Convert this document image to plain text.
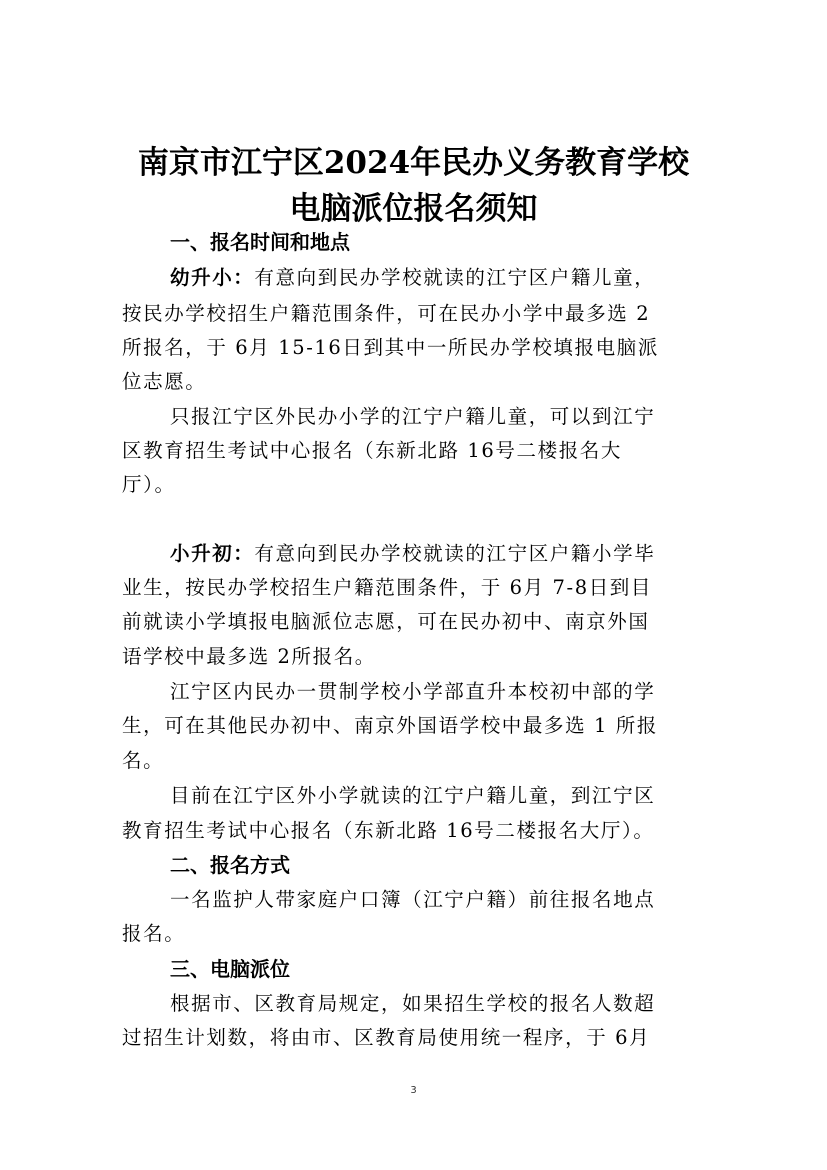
南京市江宁区2024年民办义务教育学校
电脑派位报名须知
一、报名时间和地点

幼升小：有意向到民办学校就读的江宁区户籍儿童，

按民办学校招生户籍范围条件，可在民办小学中最多选 2

所报名，于 6月 15-16日到其中一所民办学校填报电脑派

位志愿。

只报江宁区外民办小学的江宁户籍儿童，可以到江宁

区教育招生考试中心报名（东新北路 16号二楼报名大

厅）。

小升初：有意向到民办学校就读的江宁区户籍小学毕

业生，按民办学校招生户籍范围条件，于 6月 7-8日到目

前就读小学填报电脑派位志愿，可在民办初中、南京外国

语学校中最多选 2所报名。

江宁区内民办一贯制学校小学部直升本校初中部的学

生，可在其他民办初中、南京外国语学校中最多选 1 所报

名。

目前在江宁区外小学就读的江宁户籍儿童，到江宁区

教育招生考试中心报名（东新北路 16号二楼报名大厅）。

二、报名方式

一名监护人带家庭户口簿（江宁户籍）前往报名地点

报名。

三、电脑派位

根据市、区教育局规定，如果招生学校的报名人数超

过招生计划数，将由市、区教育局使用统一程序，于 6月

3
